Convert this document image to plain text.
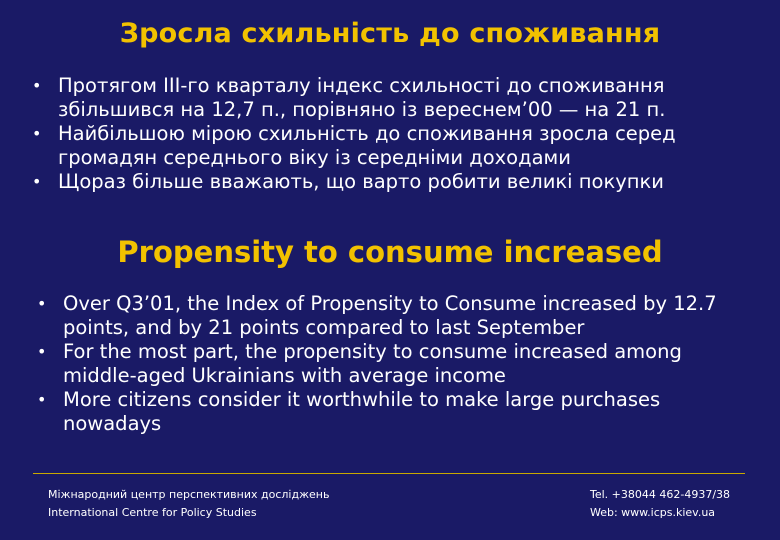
Зросла схильність до споживання
• Протягом III-го кварталу індекс схильності до споживання збільшився на 12,7 п., порівняно із вереснем’00 — на 21 п.
• Найбільшою мірою схильність до споживання зросла серед громадян середнього віку із середніми доходами
• Щораз більше вважають, що варто робити великі покупки
Propensity to consume increased
• Over Q3’01, the Index of Propensity to Consume increased by 12.7 points, and by 21 points compared to last September
• For the most part, the propensity to consume increased among middle-aged Ukrainians with average income
• More citizens consider it worthwhile to make large purchases nowadays
Міжнародний центр перспективних досліджень
International Centre for Policy Studies
Tel. +38044 462-4937/38
Web: www.icps.kiev.ua
